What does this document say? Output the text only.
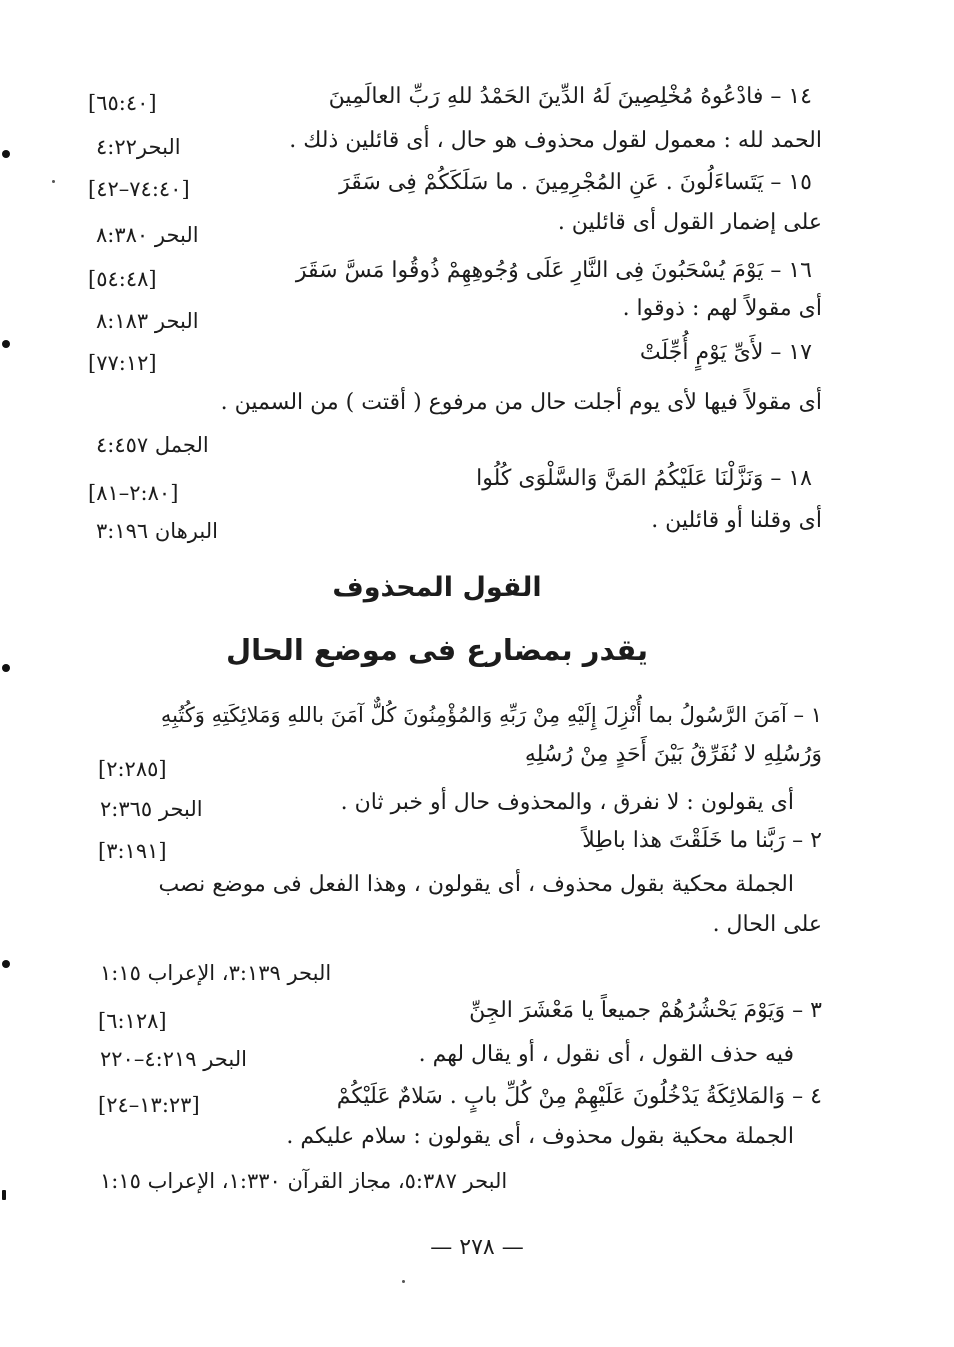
١٤ – فادْعُوهُ مُخْلِصِينَ لَهُ الدِّينَ الحَمْدُ للهِ رَبِّ العالَمِينَ
[٦٥:٤٠]
الحمد لله : معمول لقول محذوف هو حال ، أى قائلين ذلك .
البحر٤:٢٢
١٥ – يَتَساءَلُونَ . عَنِ المُجْرِمِينَ . ما سَلَكَكُمْ فِى سَقَرَ
[٧٤:٤٠–٤٢]
على إضمار القول أى قائلين .
البحر ٨:٣٨٠
١٦ – يَوْمَ يُسْحَبُونَ فِى النَّارِ عَلَى وُجُوهِهِمْ ذُوقُوا مَسَّ سَقَرَ
[٥٤:٤٨]
أى مقولاً لهم : ذوقوا .
البحر ٨:١٨٣
١٧ – لأَىِّ يَوْمٍ أُجِّلَتْ
[٧٧:١٢]
أى مقولاً فيها لأى يوم أجلت حال من مرفوع ( أقتت ) من السمين .
الجمل ٤:٤٥٧
١٨ – وَنَزَّلْنَا عَلَيْكُمُ المَنَّ وَالسَّلْوَى كُلُوا
[٢:٨٠–٨١]
أى وقلنا أو قائلين .
البرهان ٣:١٩٦
القول المحذوف
يقدر بمضارع فى موضع الحال
١ – آمَنَ الرَّسُولُ بما أُنْزِلَ إِلَيْهِ مِنْ رَبِّهِ وَالمُؤْمِنُونَ كُلٌّ آمَنَ باللهِ وَمَلائِكَتِهِ وَكُتُبِهِ
وَرُسُلِهِ لا نُفَرِّقُ بَيْنَ أَحَدٍ مِنْ رُسُلِهِ
[٢:٢٨٥]
أى يقولون : لا نفرق ، والمحذوف حال أو خبر ثان .
البحر ٢:٣٦٥
٢ – رَبَّنا ما خَلَقْتَ هذا باطِلاً
[٣:١٩١]
الجملة محكية بقول محذوف ، أى يقولون ، وهذا الفعل فى موضع نصب
على الحال .
البحر ٣:١٣٩، الإعراب ١:١٥
٣ – وَيَوْمَ يَحْشُرُهُمْ جميعاً يا مَعْشَرَ الجِنِّ
[٦:١٢٨]
فيه حذف القول ، أى نقول ، أو يقال لهم .
البحر ٤:٢١٩–٢٢٠
٤ – وَالمَلائِكَةُ يَدْخُلُونَ عَلَيْهِمْ مِنْ كُلِّ بابٍ . سَلامٌ عَلَيْكُمْ
[١٣:٢٣–٢٤]
الجملة محكية بقول محذوف ، أى يقولون : سلام عليكم .
البحر ٥:٣٨٧، مجاز القرآن ١:٣٣٠، الإعراب ١:١٥
— ٢٧٨ —
